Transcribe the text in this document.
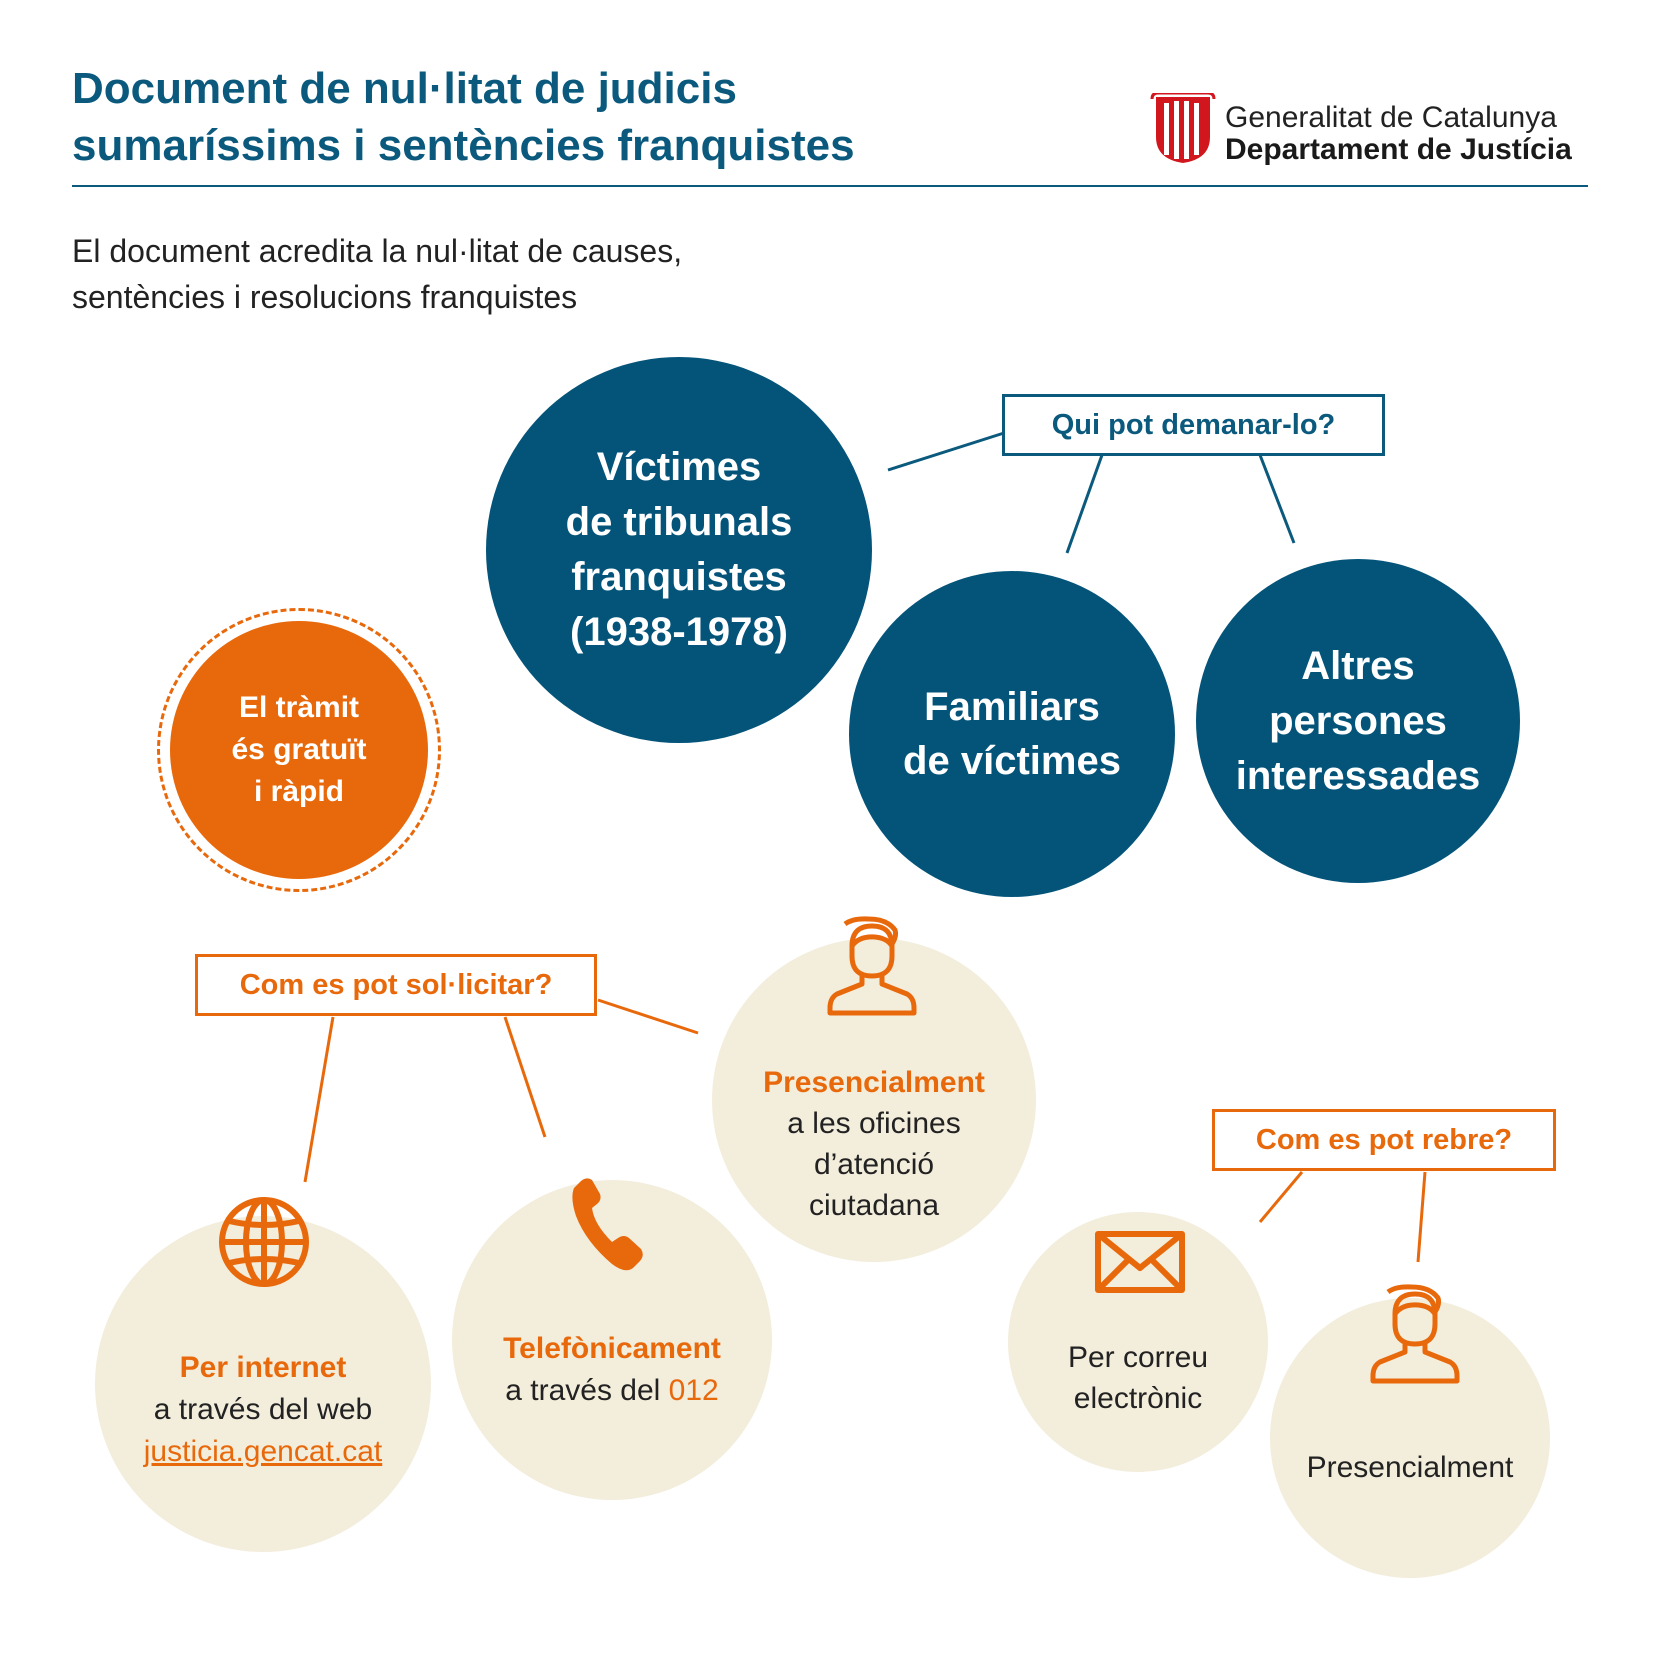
Document de nul·litat de judicis
sumaríssims i sentències franquistes
Generalitat de Catalunya
Departament de Justícia
El document acredita la nul·litat de causes,
sentències i resolucions franquistes
El tràmit
és gratuït
i ràpid
Qui pot demanar-lo?
Víctimes
de tribunals
franquistes
(1938-1978)
Familiars
de víctimes
Altres
persones
interessades
Com es pot sol·licitar?
Presencialment
a les oficines
d’atenció
ciutadana
Per internet
a través del web
justicia.gencat.cat
Telefònicament
a través del 012
Com es pot rebre?
Per correu
electrònic
Presencialment
